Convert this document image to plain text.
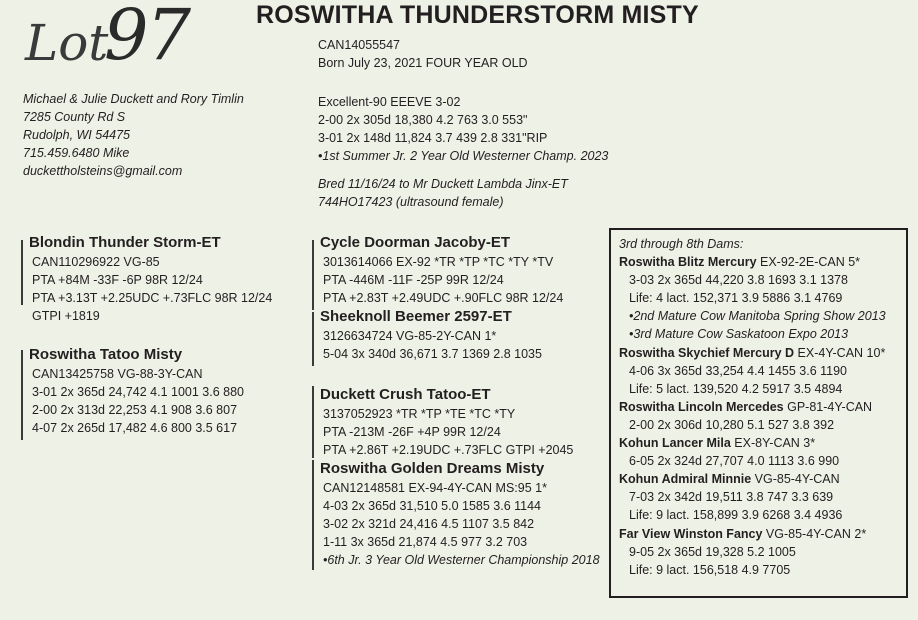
Lot
97	ROSWITHA THUNDERSTORM MISTY
CAN14055547
Born July 23, 2021 FOUR YEAR OLD
Michael & Julie Duckett and Rory Timlin
7285 County Rd S
Rudolph, WI 54475
715.459.6480 Mike
duckettholsteins@gmail.com
Excellent-90 EEEVE 3-02
2-00 2x 305d 18,380 4.2 763 3.0 553"
3-01 2x 148d 11,824 3.7 439 2.8 331"RIP
•1st Summer Jr. 2 Year Old Westerner Champ. 2023
Bred 11/16/24 to Mr Duckett Lambda Jinx-ET
744HO17423 (ultrasound female)
Blondin Thunder Storm-ET
CAN110296922 VG-85
PTA +84M -33F -6P 98R 12/24
PTA +3.13T +2.25UDC +.73FLC 98R 12/24
GTPI +1819
Roswitha Tatoo Misty
CAN13425758 VG-88-3Y-CAN
3-01 2x 365d 24,742 4.1 1001 3.6 880
2-00 2x 313d 22,253 4.1 908 3.6 807
4-07 2x 265d 17,482 4.6 800 3.5 617
Cycle Doorman Jacoby-ET
3013614066 EX-92 *TR *TP *TC *TY *TV
PTA -446M -11F -25P 99R 12/24
PTA +2.83T +2.49UDC +.90FLC 98R 12/24
Sheeknoll Beemer 2597-ET
3126634724 VG-85-2Y-CAN 1*
5-04 3x 340d 36,671 3.7 1369 2.8 1035
Duckett Crush Tatoo-ET
3137052923 *TR *TP *TE *TC *TY
PTA -213M -26F +4P 99R 12/24
PTA +2.86T +2.19UDC +.73FLC GTPI +2045
Roswitha Golden Dreams Misty
CAN12148581 EX-94-4Y-CAN MS:95 1*
4-03 2x 365d 31,510 5.0 1585 3.6 1144
3-02 2x 321d 24,416 4.5 1107 3.5 842
1-11 3x 365d 21,874 4.5 977 3.2 703
•6th Jr. 3 Year Old Westerner Championship 2018
3rd through 8th Dams:
Roswitha Blitz Mercury EX-92-2E-CAN 5*
3-03 2x 365d 44,220 3.8 1693 3.1 1378
Life: 4 lact. 152,371 3.9 5886 3.1 4769
•2nd Mature Cow Manitoba Spring Show 2013
•3rd Mature Cow Saskatoon Expo 2013
Roswitha Skychief Mercury D EX-4Y-CAN 10*
4-06 3x 365d 33,254 4.4 1455 3.6 1190
Life: 5 lact. 139,520 4.2 5917 3.5 4894
Roswitha Lincoln Mercedes GP-81-4Y-CAN
2-00 2x 306d 10,280 5.1 527 3.8 392
Kohun Lancer Mila EX-8Y-CAN 3*
6-05 2x 324d 27,707 4.0 1113 3.6 990
Kohun Admiral Minnie VG-85-4Y-CAN
7-03 2x 342d 19,511 3.8 747 3.3 639
Life: 9 lact. 158,899 3.9 6268 3.4 4936
Far View Winston Fancy VG-85-4Y-CAN 2*
9-05 2x 365d 19,328 5.2 1005
Life: 9 lact. 156,518 4.9 7705
